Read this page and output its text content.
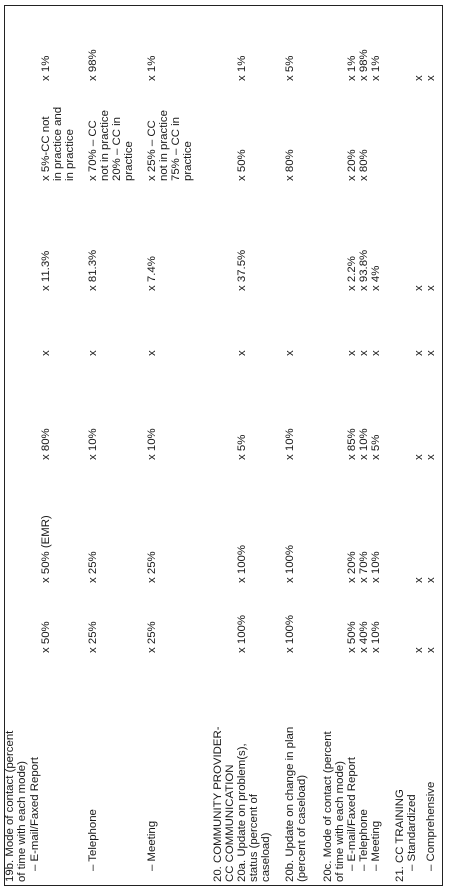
19b. Mode of contact (percent
of time with each mode) – E-mail/Faxed Report
x 50%
x 50% (EMR)
x 80%
x
x 11.3%
x 5%-CC not
in practice and
in practice
x 1%
– Telephone
x 25%
x 25%
x 10%
x
x 81.3%
x 70% – CC
not in practice
20% – CC in
practice
x 98%
– Meeting
x 25%
x 25%
x 10%
x
x 7.4%
x 25% – CC
not in practice
75% – CC in
practice
x 1%
20. COMMUNITY PROVIDER-
CC COMMUNICATION
20a. Update on problem(s),
status (percent of
caseload)
x 100%
x 100%
x 5%
x
x 37.5%
x 50%
x 1%
20b. Update on change in plan
(percent of caseload)
x 100%
x 100%
x 10%
x
x 80%
x 5%
20c. Mode of contact (percent
of time with each mode) – E-mail/Faxed Report
x 50%
x 20%
x 85%
x
x 2.2%
x 20%
x 1%
– Telephone
x 40%
x 70%
x 10%
x
x 93.8%
x 80%
x 98%
– Meeting
x 10%
x 10%
x 5%
x
x 4%
x 1%
21. CC TRAINING – Standardized
x
x
x
x
x
x
– Comprehensive
x
x
x
x
x
x
